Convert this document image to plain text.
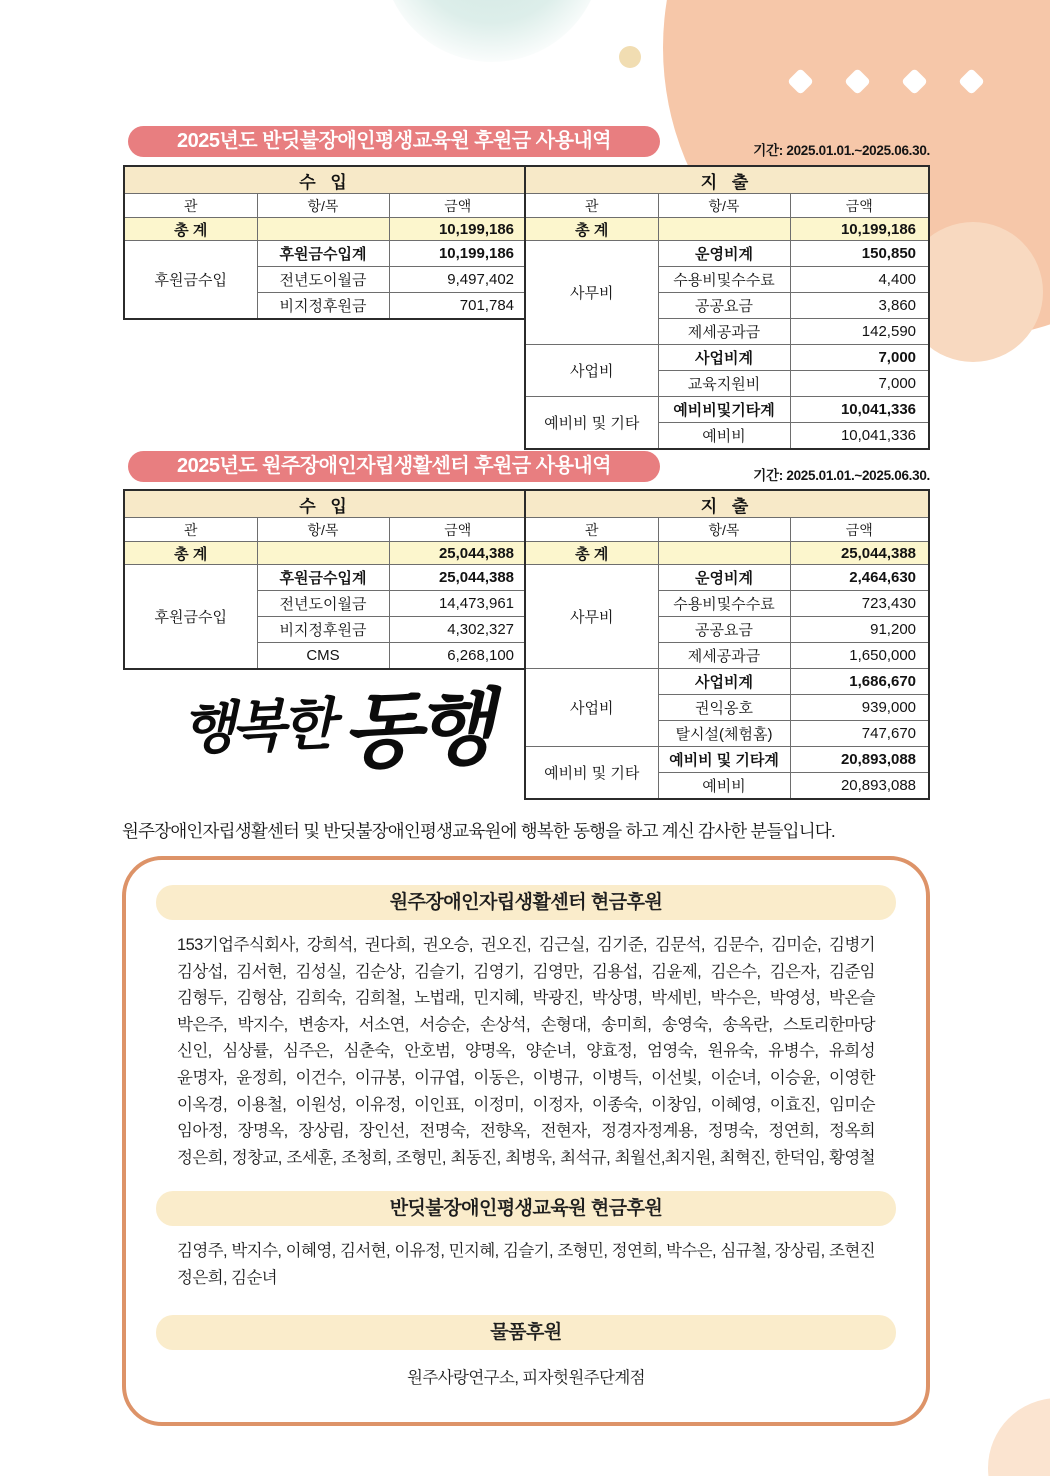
2025년도 반딧불장애인평생교육원 후원금 사용내역	기간: 2025.01.01.~2025.06.30.
수 입		
관	항/목	금액
총 계		10,199,186
후원금수입	후원금수입계	10,199,186
	전년도이월금	9,497,402
	비지정후원금	701,784
지 출		
관	항/목	금액
총 계		10,199,186
사무비	운영비계	150,850
	수용비및수수료	4,400
	공공요금	3,860
	제세공과금	142,590
사업비	사업비계	7,000
	교육지원비	7,000
예비비 및 기타	예비비및기타계	10,041,336
	예비비	10,041,336
2025년도 원주장애인자립생활센터 후원금 사용내역	기간: 2025.01.01.~2025.06.30.
수 입		
관	항/목	금액
총 계		25,044,388
후원금수입	후원금수입계	25,044,388
	전년도이월금	14,473,961
	비지정후원금	4,302,327
	CMS	6,268,100
지 출		
관	항/목	금액
총 계		25,044,388
사무비	운영비계	2,464,630
	수용비및수수료	723,430
	공공요금	91,200
	제세공과금	1,650,000
사업비	사업비계	1,686,670
	권익옹호	939,000
	탈시설(체험홈)	747,670
예비비 및 기타	예비비 및 기타계	20,893,088
	예비비	20,893,088
행복한동행
원주장애인자립생활센터 및 반딧불장애인평생교육원에 행복한 동행을 하고 계신 감사한 분들입니다.
원주장애인자립생활센터 현금후원
153기업주식회사, 강희석, 권다희, 권오승, 권오진, 김근실, 김기준, 김문석, 김문수, 김미순, 김병기
김상섭, 김서현, 김성실, 김순상, 김슬기, 김영기, 김영만, 김용섭, 김윤제, 김은수, 김은자, 김준임
김형두, 김형삼, 김희숙, 김희철, 노법래, 민지혜, 박광진, 박상명, 박세빈, 박수은, 박영성, 박온슬
박은주, 박지수, 변송자, 서소연, 서승순, 손상석, 손형대, 송미희, 송영숙, 송옥란, 스토리한마당
신인, 심상률, 심주은, 심춘숙, 안호범, 양명옥, 양순녀, 양효정, 엄영숙, 원유숙, 유병수, 유희성
윤명자, 윤정희, 이건수, 이규봉, 이규엽, 이동은, 이병규, 이병득, 이선빛, 이순녀, 이승윤, 이영한
이옥경, 이용철, 이원성, 이유정, 이인표, 이정미, 이정자, 이종숙, 이창임, 이혜영, 이효진, 임미순
임아정, 장명옥, 장상림, 장인선, 전명숙, 전향옥, 전현자, 정경자정계용, 정명숙, 정연희, 정옥희
정은희, 정창교, 조세훈, 조청희, 조형민, 최동진, 최병욱, 최석규, 최월선,최지원, 최혁진, 한덕임, 황영철
반딧불장애인평생교육원 현금후원
김영주, 박지수, 이혜영, 김서현, 이유정, 민지혜, 김슬기, 조형민, 정연희, 박수은, 심규철, 장상림, 조현진
정은희, 김순녀
물품후원
원주사랑연구소, 피자헛원주단계점
